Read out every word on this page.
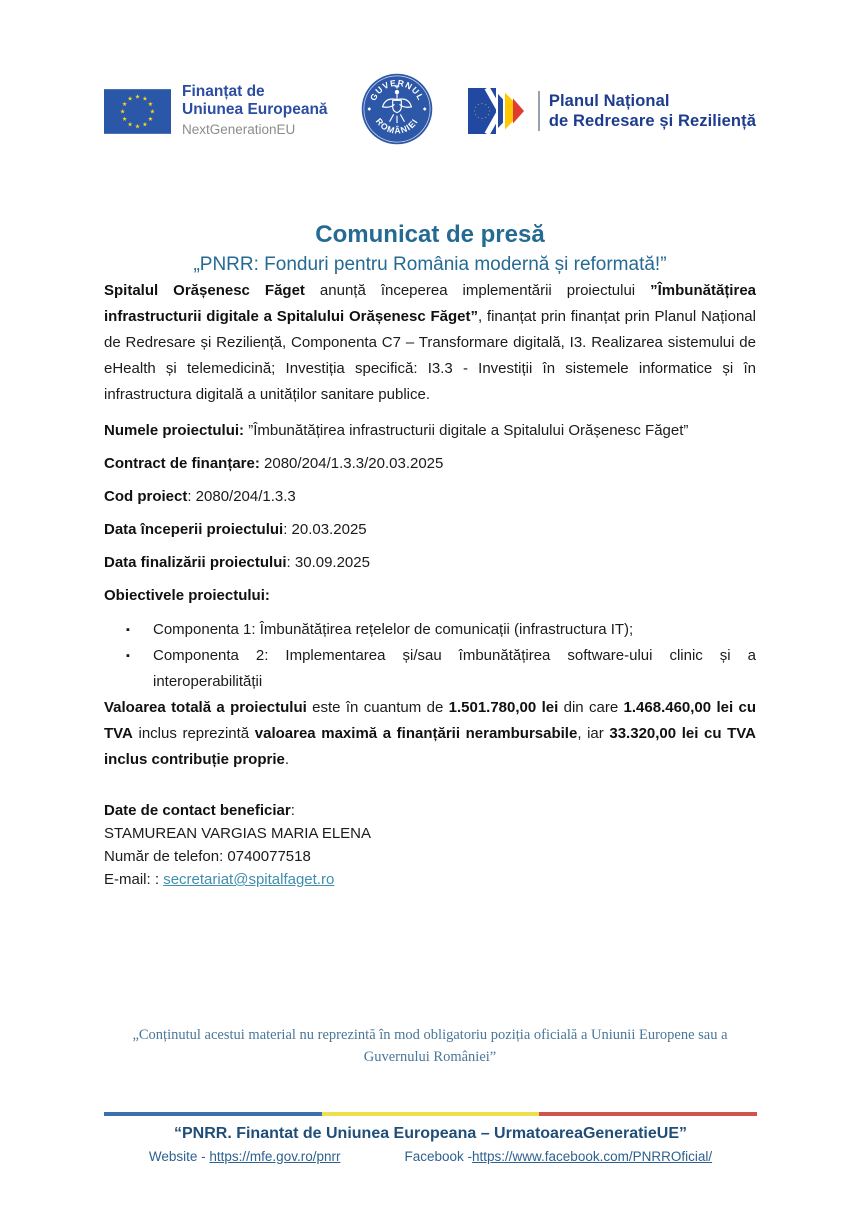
Finanțat de
Uniunea Europeană
NextGenerationEU
GUVERNUL
ROMÂNIEI
Planul Național
de Redresare și Reziliență
Comunicat de presă
„PNRR: Fonduri pentru România modernă și reformată!”

Spitalul Orășenesc Făget anunță începerea implementării proiectului ”Îmbunătățirea infrastructurii digitale a Spitalului Orășenesc Făget”, finanțat prin finanțat prin Planul Național de Redresare și Reziliență, Componenta C7 – Transformare digitală, I3. Realizarea sistemului de eHealth și telemedicină; Investiția specifică: I3.3 - Investiții în sistemele informatice și în infrastructura digitală a unităților sanitare publice.

Numele proiectului: ”Îmbunătățirea infrastructurii digitale a Spitalului Orășenesc Făget”

Contract de finanțare: 2080/204/1.3.3/20.03.2025

Cod proiect: 2080/204/1.3.3

Data începerii proiectului: 20.03.2025

Data finalizării proiectului: 30.09.2025

Obiectivele proiectului:

▪ Componenta 1: Îmbunătățirea rețelelor de comunicații (infrastructura IT);
▪ Componenta 2: Implementarea și/sau îmbunătățirea software-ului clinic și a interoperabilității

Valoarea totală a proiectului este în cuantum de 1.501.780,00 lei din care 1.468.460,00 lei cu TVA inclus reprezintă valoarea maximă a finanțării nerambursabile, iar 33.320,00 lei cu TVA inclus contribuție proprie.

Date de contact beneficiar:

STAMUREAN VARGIAS MARIA ELENA

Număr de telefon: 0740077518

E-mail: : secretariat@spitalfaget.ro

„Conținutul acestui material nu reprezintă în mod obligatoriu poziția oficială a Uniunii Europene sau a Guvernului României”

“PNRR. Finantat de Uniunea Europeana – UrmatoareaGeneratieUE”

Website - https://mfe.gov.ro/pnrr	Facebook -https://www.facebook.com/PNRROficial/
